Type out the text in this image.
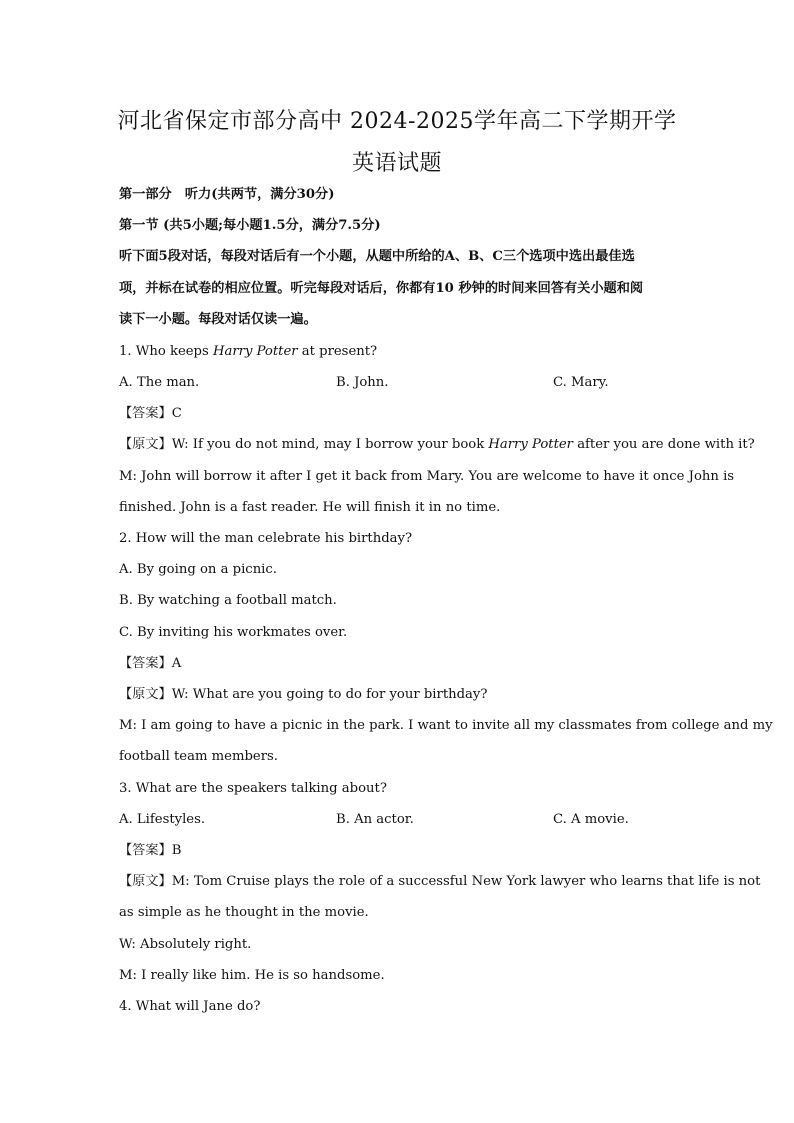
河北省保定市部分高中 2024-2025学年高二下学期开学
英语试题
第一部分　听力(共两节，满分30分)
第一节 (共5小题;每小题1.5分，满分7.5分)
听下面5段对话，每段对话后有一个小题，从题中所给的A、B、C三个选项中选出最佳选
项，并标在试卷的相应位置。听完每段对话后，你都有10 秒钟的时间来回答有关小题和阅
读下一小题。每段对话仅读一遍。
1. Who keeps Harry Potter at present?
A. The man.	B. John.	C. Mary.
【答案】C
【原文】W: If you do not mind, may I borrow your book Harry Potter after you are done with it?
M: John will borrow it after I get it back from Mary. You are welcome to have it once John is
finished. John is a fast reader. He will finish it in no time.
2. How will the man celebrate his birthday?
A. By going on a picnic.
B. By watching a football match.
C. By inviting his workmates over.
【答案】A
【原文】W: What are you going to do for your birthday?
M: I am going to have a picnic in the park. I want to invite all my classmates from college and my
football team members.
3. What are the speakers talking about?
A. Lifestyles.	B. An actor.	C. A movie.
【答案】B
【原文】M: Tom Cruise plays the role of a successful New York lawyer who learns that life is not
as simple as he thought in the movie.
W: Absolutely right.
M: I really like him. He is so handsome.
4. What will Jane do?
